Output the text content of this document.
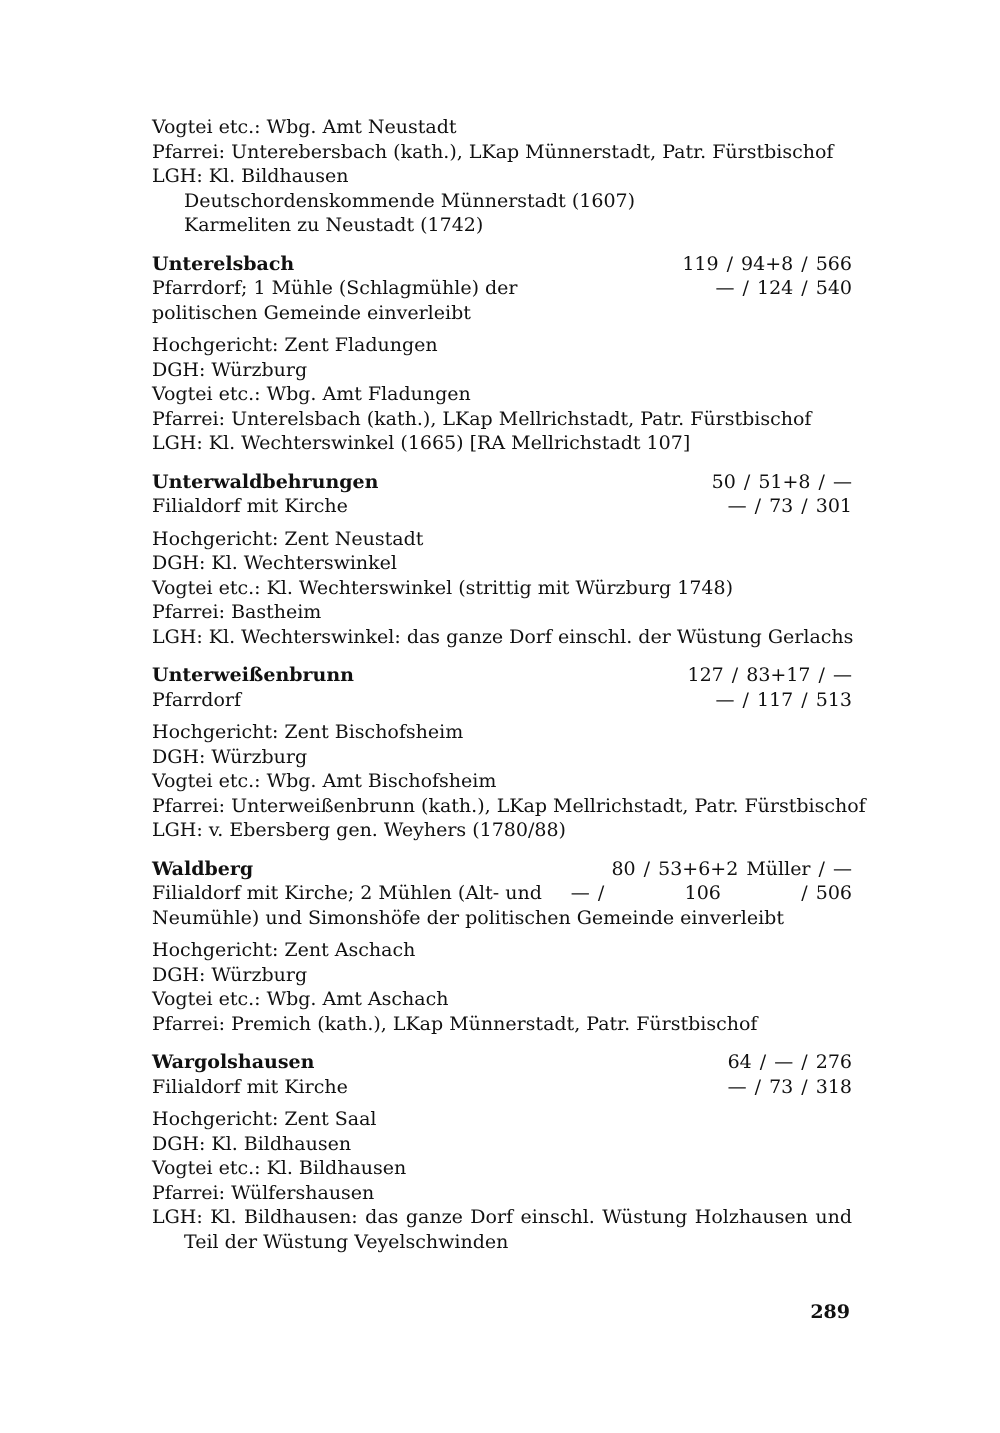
Vogtei etc.: Wbg. Amt Neustadt
Pfarrei: Unterebersbach (kath.), LKap Münnerstadt, Patr. Fürstbischof
LGH: Kl. Bildhausen
Deutschordenskommende Münnerstadt (1607)
Karmeliten zu Neustadt (1742)
Unterelsbach	119 / 94+8 / 566
Pfarrdorf; 1 Mühle (Schlagmühle) der	— / 124 / 540
politischen Gemeinde einverleibt
Hochgericht: Zent Fladungen
DGH: Würzburg
Vogtei etc.: Wbg. Amt Fladungen
Pfarrei: Unterelsbach (kath.), LKap Mellrichstadt, Patr. Fürstbischof
LGH: Kl. Wechterswinkel (1665) [RA Mellrichstadt 107]
Unterwaldbehrungen	50 / 51+8 / —
Filialdorf mit Kirche	— / 73 / 301
Hochgericht: Zent Neustadt
DGH: Kl. Wechterswinkel
Vogtei etc.: Kl. Wechterswinkel (strittig mit Würzburg 1748)
Pfarrei: Bastheim
LGH: Kl. Wechterswinkel: das ganze Dorf einschl. der Wüstung Gerlachs
Unterweißenbrunn	127 / 83+17 / —
Pfarrdorf	— / 117 / 513
Hochgericht: Zent Bischofsheim
DGH: Würzburg
Vogtei etc.: Wbg. Amt Bischofsheim
Pfarrei: Unterweißenbrunn (kath.), LKap Mellrichstadt, Patr. Fürstbischof
LGH: v. Ebersberg gen. Weyhers (1780/88)
Waldberg	80 / 53+6+2 Müller / —
Filialdorf mit Kirche; 2 Mühlen (Alt- und — /          106          / 506
Neumühle) und Simonshöfe der politischen Gemeinde einverleibt
Hochgericht: Zent Aschach
DGH: Würzburg
Vogtei etc.: Wbg. Amt Aschach
Pfarrei: Premich (kath.), LKap Münnerstadt, Patr. Fürstbischof
Wargolshausen	64 / — / 276
Filialdorf mit Kirche	— / 73 / 318
Hochgericht: Zent Saal
DGH: Kl. Bildhausen
Vogtei etc.: Kl. Bildhausen
Pfarrei: Wülfershausen
LGH: Kl. Bildhausen: das ganze Dorf einschl. Wüstung Holzhausen und Teil der Wüstung Veyelschwinden
289
